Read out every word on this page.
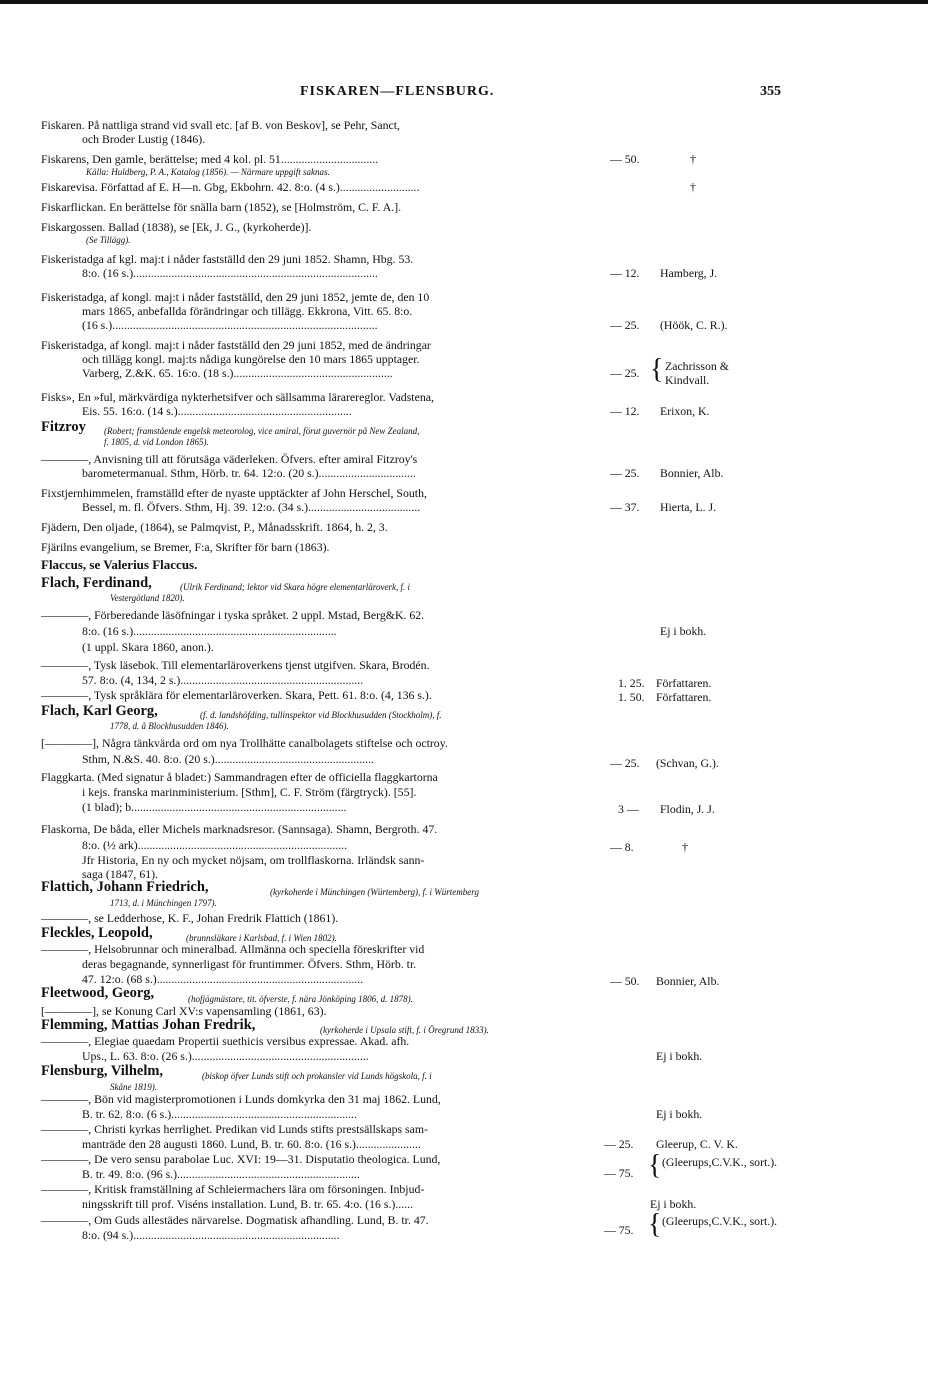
FISKAREN—FLENSBURG.	355
Fiskaren. På nattliga strand vid svall etc. [af B. von Beskov], se Pehr, Sanct,
och Broder Lustig (1846).
Fiskarens, Den gamle, berättelse; med 4 kol. pl. 51.................................	— 50.	†
Källa: Huldberg, P. A., Katalog (1856). — Närmare uppgift saknas.
Fiskarevisa. Författad af E. H—n. Gbg, Ekbohrn. 42. 8:o. (4 s.)...........................	†
Fiskarflickan. En berättelse för snälla barn (1852), se [Holmström, C. F. A.].
Fiskargossen. Ballad (1838), se [Ek, J. G., (kyrkoherde)].
(Se Tillägg).
Fiskeristadga af kgl. maj:t i nåder fastställd den 29 juni 1852. Shamn, Hbg. 53.
8:o. (16 s.)...................................................................................	— 12. Hamberg, J.
Fiskeristadga, af kongl. maj:t i nåder fastställd, den 29 juni 1852, jemte de, den 10
mars 1865, anbefallda förändringar och tillägg. Ekkrona, Vitt. 65. 8:o.
(16 s.)..........................................................................................	— 25. (Höök, C. R.).
Fiskeristadga, af kongl. maj:t i nåder fastställd den 29 juni 1852, med de ändringar
och tillägg kongl. maj:ts nådiga kungörelse den 10 mars 1865 upptager.
Varberg, Z.&K. 65. 16:o. (18 s.)......................................................	— 25. { Zachrisson & Kindvall.
Fisks», En »ful, märkvärdiga nykterhetsifver och sällsamma lärarereglor. Vadstena,
Eis. 55. 16:o. (14 s.)...........................................................	— 12. Erixon, K.
Fitzroy (Robert; framstående engelsk meteorolog, vice amiral, förut guvernör på New Zealand,
f. 1805, d. vid London 1865).
————, Anvisning till att förutsäga väderleken. Öfvers. efter amiral Fitzroy's
barometermanual. Sthm, Hörb. tr. 64. 12:o. (20 s.).................................	— 25. Bonnier, Alb.
Fixstjernhimmelen, framställd efter de nyaste upptäckter af John Herschel, South,
Bessel, m. fl. Öfvers. Sthm, Hj. 39. 12:o. (34 s.)......................................	— 37. Hierta, L. J.
Fjädern, Den oljade, (1864), se Palmqvist, P., Månadsskrift. 1864, h. 2, 3.
Fjärilns evangelium, se Bremer, F:a, Skrifter för barn (1863).
Flaccus, se Valerius Flaccus.
Flach, Ferdinand,	(Ulrik Ferdinand; lektor vid Skara högre elementarläroverk, f. i
Vestergötland 1820).
————, Förberedande läsöfningar i tyska språket. 2 uppl. Mstad, Berg&K. 62.
8:o. (16 s.).....................................................................	Ej i bokh.
(1 uppl. Skara 1860, anon.).
————, Tysk läsebok. Till elementarläroverkens tjenst utgifven. Skara, Brodén.
57. 8:o. (4, 134, 2 s.)..............................................................	1. 25. Författaren.
————, Tysk språklära för elementarläroverken. Skara, Pett. 61. 8:o. (4, 136 s.).	1. 50. Författaren.
Flach, Karl Georg,	(f. d. landshöfding, tullinspektor vid Blockhusudden (Stockholm), f.
1778, d. å Blockhusudden 1846).
[————], Några tänkvärda ord om nya Trollhätte canalbolagets stiftelse och octroy.
Sthm, N.&S. 40. 8:o. (20 s.)......................................................	— 25. (Schvan, G.).
Flaggkarta. (Med signatur å bladet:) Sammandragen efter de officiella flaggkartorna
i kejs. franska marinministerium. [Sthm], C. F. Ström (färgtryck). [55].
(1 blad); b.........................................................................	3 — Flodin, J. J.
Flaskorna, De båda, eller Michels marknadsresor. (Sannsaga). Shamn, Bergroth. 47.
8:o. (½ ark).......................................................................	— 8.	†
Jfr Historia, En ny och mycket nöjsam, om trollflaskorna. Irländsk sann-
saga (1847, 61).
Flattich, Johann Friedrich,	(kyrkoherde i Münchingen (Würtemberg), f. i Würtemberg
1713, d. i Münchingen 1797).
————, se Ledderhose, K. F., Johan Fredrik Flattich (1861).
Fleckles, Leopold,	(brunnsläkare i Karlsbad, f. i Wien 1802).
————, Helsobrunnar och mineralbad. Allmänna och speciella föreskrifter vid
deras begagnande, synnerligast för fruntimmer. Öfvers. Sthm, Hörb. tr.
47. 12:o. (68 s.)......................................................................	— 50. Bonnier, Alb.
Fleetwood, Georg,	(hofjägmästare, tit. öfverste, f. nära Jönköping 1806, d. 1878).
[————], se Konung Carl XV:s vapensamling (1861, 63).
Flemming, Mattias Johan Fredrik,	(kyrkoherde i Upsala stift, f. i Öregrund 1833).
————, Elegiae quaedam Propertii suethicis versibus expressae. Akad. afh.
Ups., L. 63. 8:o. (26 s.)............................................................	Ej i bokh.
Flensburg, Vilhelm,	(biskop öfver Lunds stift och prokansler vid Lunds högskola, f. i
Skåne 1819).
————, Bön vid magisterpromotionen i Lunds domkyrka den 31 maj 1862. Lund,
B. tr. 62. 8:o. (6 s.)...............................................................	Ej i bokh.
————, Christi kyrkas herrlighet. Predikan vid Lunds stifts prestsällskaps sam-
manträde den 28 augusti 1860. Lund, B. tr. 60. 8:o. (16 s.)......................	— 25. Gleerup, C. V. K.
————, De vero sensu parabolae Luc. XVI: 19—31. Disputatio theologica. Lund,
B. tr. 49. 8:o. (96 s.)..............................................................	— 75. { (Gleerups,C.V.K., sort.).
————, Kritisk framställning af Schleiermachers lära om försoningen. Inbjud-
ningsskrift till prof. Viséns installation. Lund, B. tr. 65. 4:o. (16 s.)......	Ej i bokh.
————, Om Guds allestädes närvarelse. Dogmatisk afhandling. Lund, B. tr. 47.
8:o. (94 s.)......................................................................	— 75. { (Gleerups,C.V.K., sort.).
